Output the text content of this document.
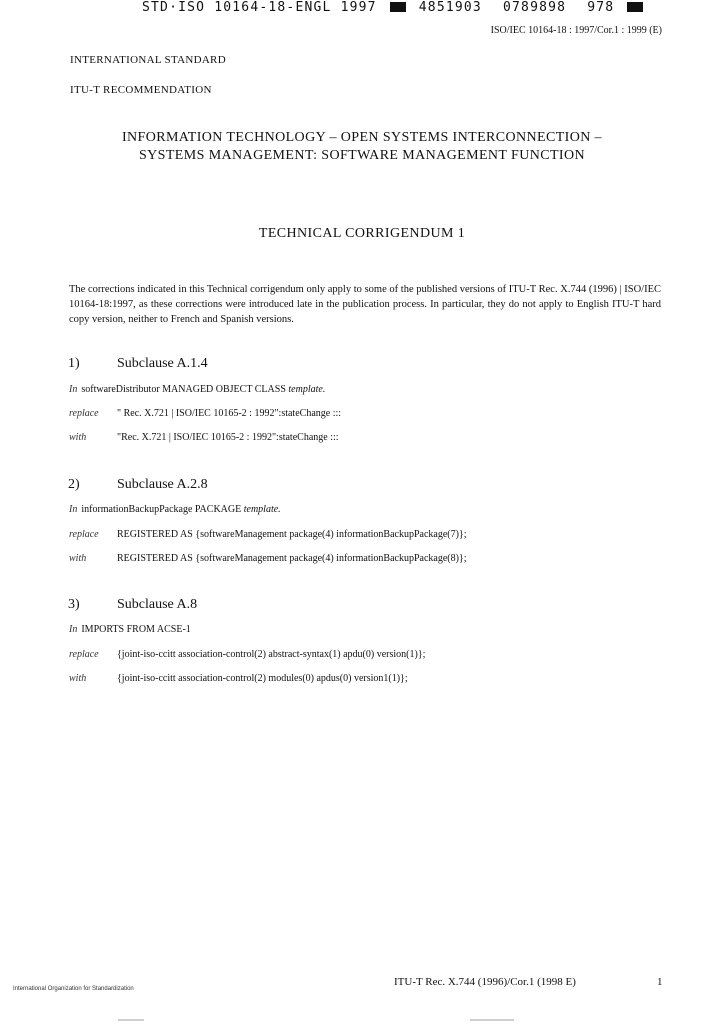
STD·ISO 10164-18-ENGL 1997	4851903 0789898 978
ISO/IEC 10164-18 : 1997/Cor.1 : 1999 (E)
INTERNATIONAL STANDARD
ITU-T RECOMMENDATION
INFORMATION TECHNOLOGY – OPEN SYSTEMS INTERCONNECTION –
SYSTEMS MANAGEMENT: SOFTWARE MANAGEMENT FUNCTION
TECHNICAL CORRIGENDUM 1
The corrections indicated in this Technical corrigendum only apply to some of the published versions of ITU-T Rec. X.744 (1996) | ISO/IEC 10164-18:1997, as these corrections were introduced late in the publication process. In particular, they do not apply to English ITU-T hard copy version, neither to French and Spanish versions.
1)	Subclause A.1.4
In softwareDistributor MANAGED OBJECT CLASS template.
replace " Rec. X.721 | ISO/IEC 10165-2 : 1992":stateChange :::
with	"Rec. X.721 | ISO/IEC 10165-2 : 1992":stateChange :::
2)	Subclause A.2.8
In informationBackupPackage PACKAGE template.
replace REGISTERED AS {softwareManagement package(4) informationBackupPackage(7)};
with	REGISTERED AS {softwareManagement package(4) informationBackupPackage(8)};
3)	Subclause A.8
In IMPORTS FROM ACSE-1
replace {joint-iso-ccitt association-control(2) abstract-syntax(1) apdu(0) version(1)};
with	{joint-iso-ccitt association-control(2) modules(0) apdus(0) version1(1)};
ITU-T Rec. X.744 (1996)/Cor.1 (1998 E)	1
International Organization for Standardization
